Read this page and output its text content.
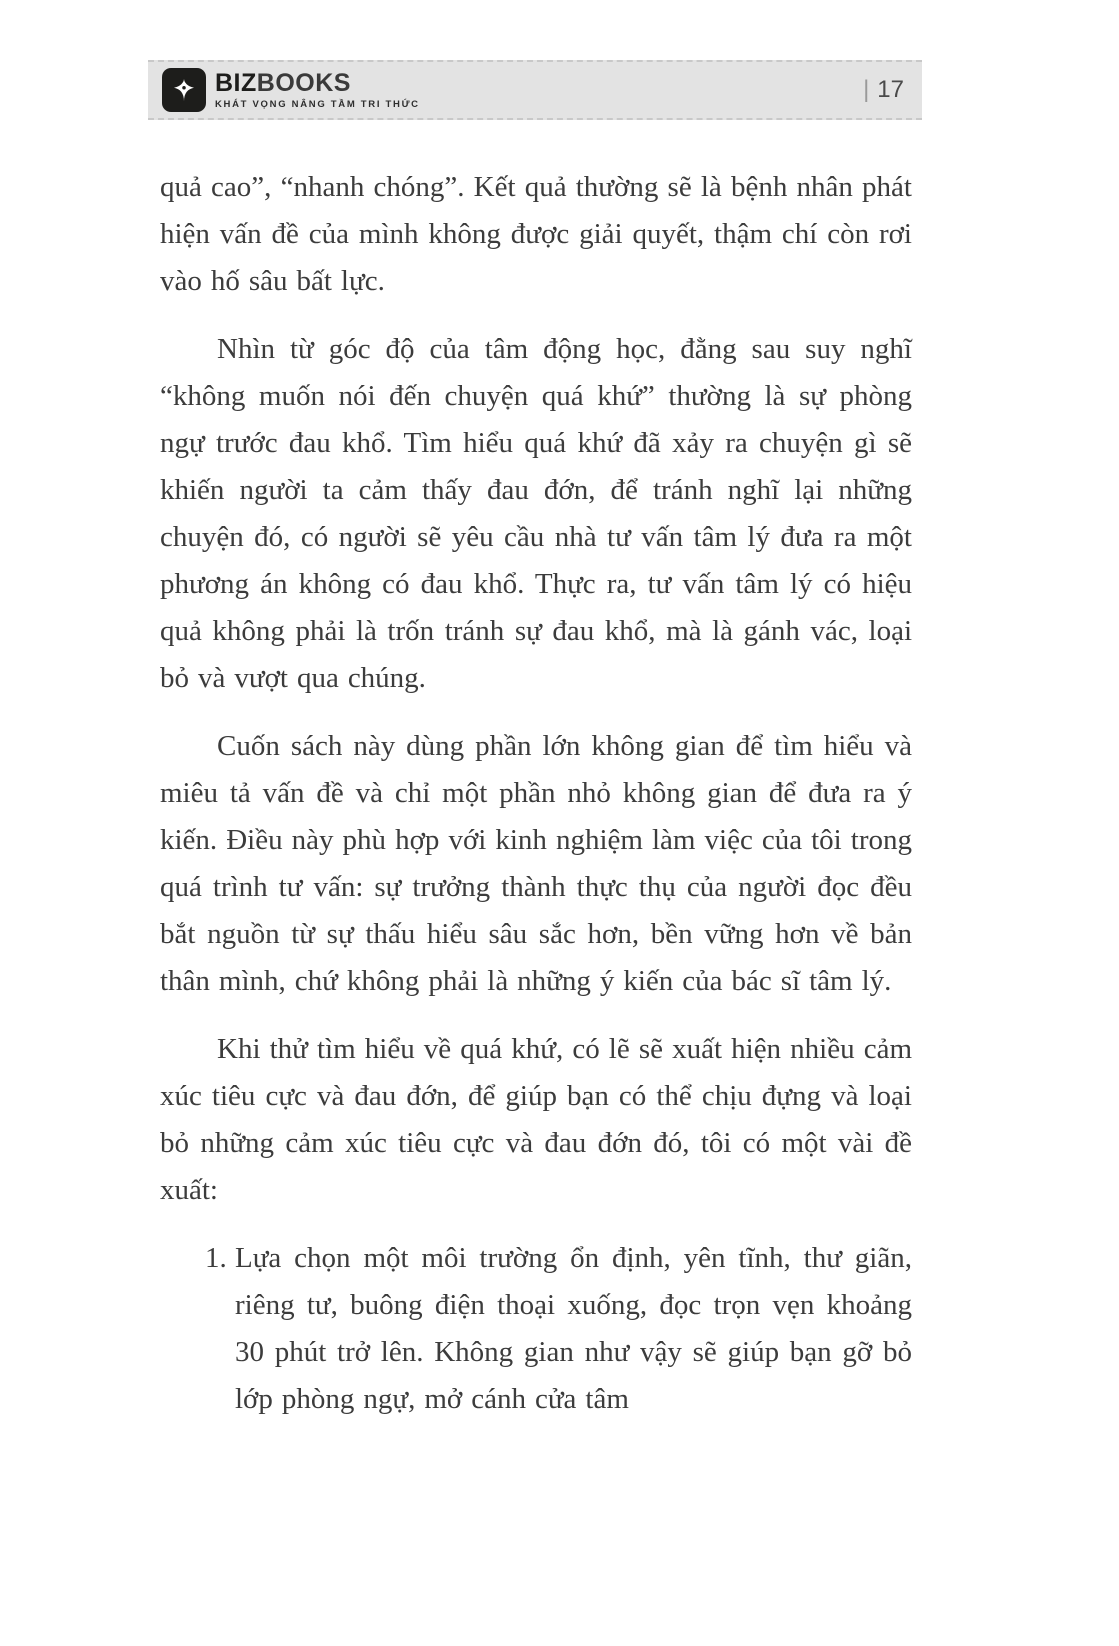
BIZBOOKS
KHÁT VỌNG NÂNG TẦM TRI THỨC
| 17

quả cao”, “nhanh chóng”. Kết quả thường sẽ là bệnh nhân phát hiện vấn đề của mình không được giải quyết, thậm chí còn rơi vào hố sâu bất lực.

Nhìn từ góc độ của tâm động học, đằng sau suy nghĩ “không muốn nói đến chuyện quá khứ” thường là sự phòng ngự trước đau khổ. Tìm hiểu quá khứ đã xảy ra chuyện gì sẽ khiến người ta cảm thấy đau đớn, để tránh nghĩ lại những chuyện đó, có người sẽ yêu cầu nhà tư vấn tâm lý đưa ra một phương án không có đau khổ. Thực ra, tư vấn tâm lý có hiệu quả không phải là trốn tránh sự đau khổ, mà là gánh vác, loại bỏ và vượt qua chúng.

Cuốn sách này dùng phần lớn không gian để tìm hiểu và miêu tả vấn đề và chỉ một phần nhỏ không gian để đưa ra ý kiến. Điều này phù hợp với kinh nghiệm làm việc của tôi trong quá trình tư vấn: sự trưởng thành thực thụ của người đọc đều bắt nguồn từ sự thấu hiểu sâu sắc hơn, bền vững hơn về bản thân mình, chứ không phải là những ý kiến của bác sĩ tâm lý.

Khi thử tìm hiểu về quá khứ, có lẽ sẽ xuất hiện nhiều cảm xúc tiêu cực và đau đớn, để giúp bạn có thể chịu đựng và loại bỏ những cảm xúc tiêu cực và đau đớn đó, tôi có một vài đề xuất:

1. Lựa chọn một môi trường ổn định, yên tĩnh, thư giãn, riêng tư, buông điện thoại xuống, đọc trọn vẹn khoảng 30 phút trở lên. Không gian như vậy sẽ giúp bạn gỡ bỏ lớp phòng ngự, mở cánh cửa tâm
